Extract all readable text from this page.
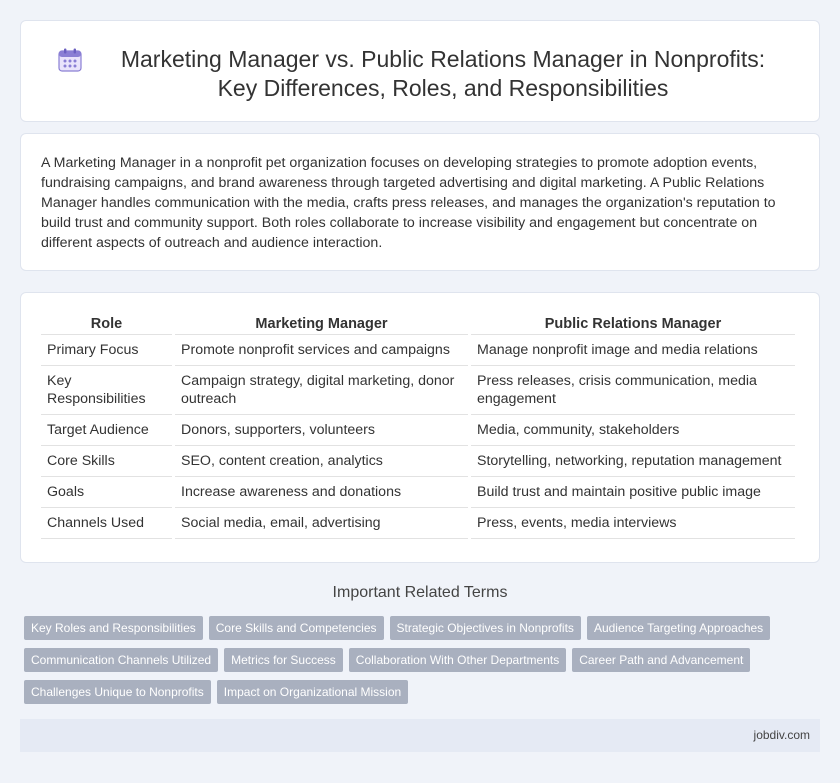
Marketing Manager vs. Public Relations Manager in Nonprofits: Key Differences, Roles, and Responsibilities

A Marketing Manager in a nonprofit pet organization focuses on developing strategies to promote adoption events, fundraising campaigns, and brand awareness through targeted advertising and digital marketing. A Public Relations Manager handles communication with the media, crafts press releases, and manages the organization's reputation to build trust and community support. Both roles collaborate to increase visibility and engagement but concentrate on different aspects of outreach and audience interaction.

Role	Marketing Manager	Public Relations Manager
Primary Focus	Promote nonprofit services and campaigns	Manage nonprofit image and media relations
Key Responsibilities	Campaign strategy, digital marketing, donor outreach	Press releases, crisis communication, media engagement
Target Audience	Donors, supporters, volunteers	Media, community, stakeholders
Core Skills	SEO, content creation, analytics	Storytelling, networking, reputation management
Goals	Increase awareness and donations	Build trust and maintain positive public image
Channels Used	Social media, email, advertising	Press, events, media interviews
Important Related Terms
Key Roles and Responsibilities	Core Skills and Competencies	Strategic Objectives in Nonprofits	Audience Targeting Approaches
Communication Channels Utilized	Metrics for Success	Collaboration With Other Departments	Career Path and Advancement
Challenges Unique to Nonprofits	Impact on Organizational Mission
jobdiv.com
